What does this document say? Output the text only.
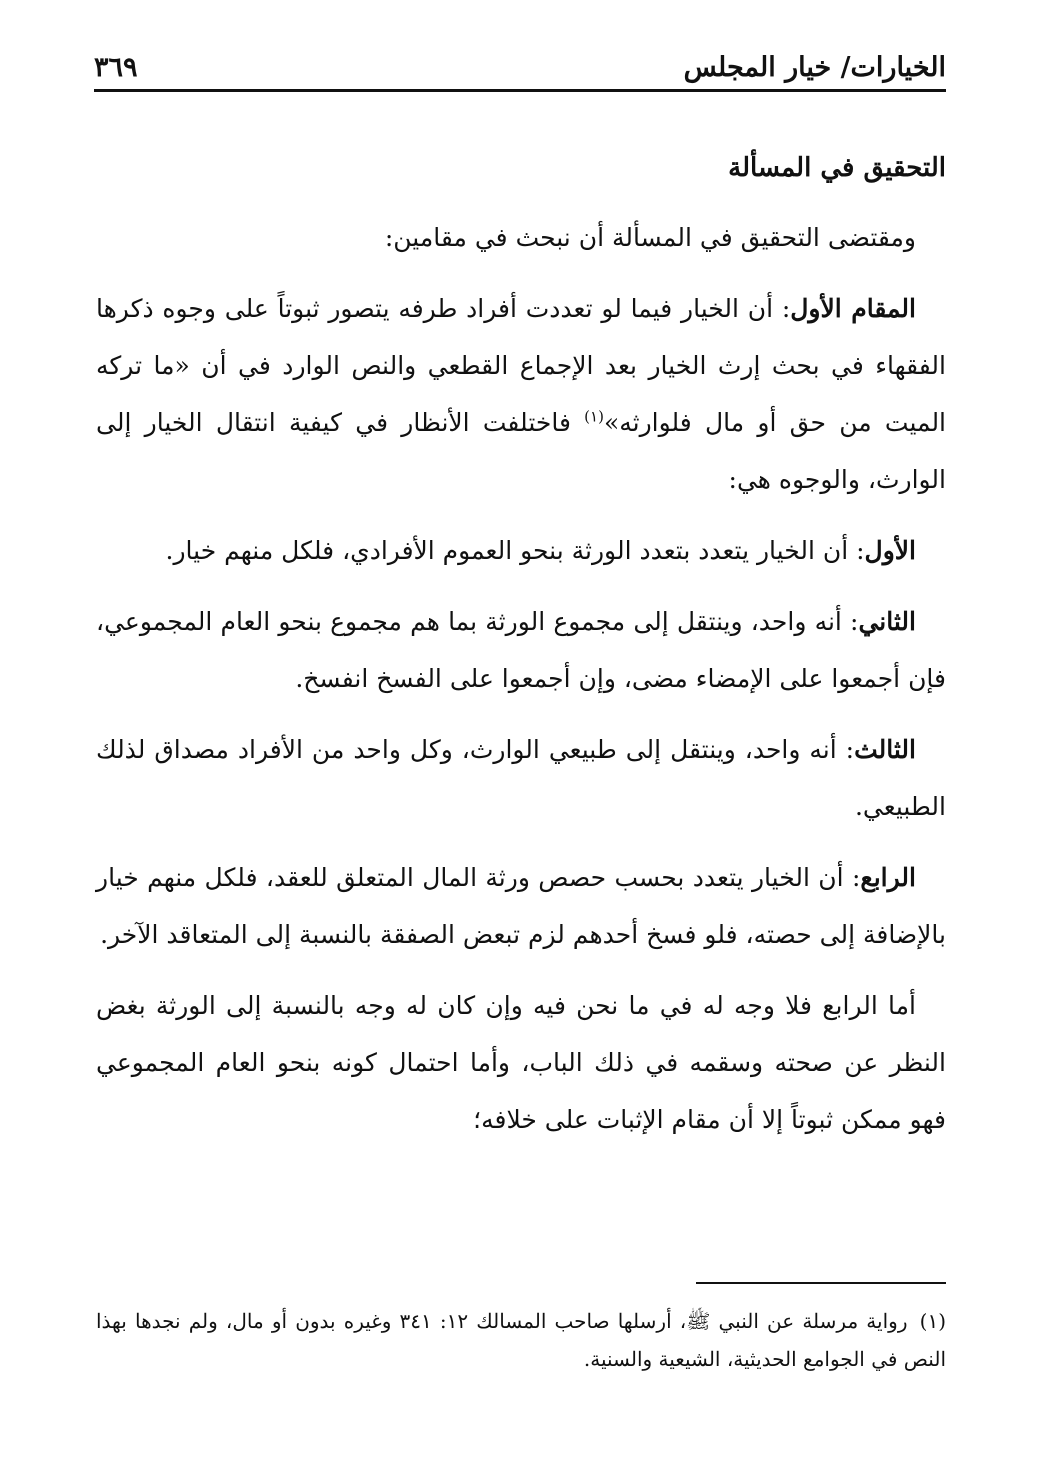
الخيارات/ خيار المجلس
٣٦٩
التحقيق في المسألة

ومقتضى التحقيق في المسألة أن نبحث في مقامين:

المقام الأول: أن الخيار فيما لو تعددت أفراد طرفه يتصور ثبوتاً على وجوه ذكرها الفقهاء في بحث إرث الخيار بعد الإجماع القطعي والنص الوارد في أن «ما تركه الميت من حق أو مال فلوارثه»$^{(١)}$ فاختلفت الأنظار في كيفية انتقال الخيار إلى الوارث، والوجوه هي:

الأول: أن الخيار يتعدد بتعدد الورثة بنحو العموم الأفرادي، فلكل منهم خيار.

الثاني: أنه واحد، وينتقل إلى مجموع الورثة بما هم مجموع بنحو العام المجموعي، فإن أجمعوا على الإمضاء مضى، وإن أجمعوا على الفسخ انفسخ.

الثالث: أنه واحد، وينتقل إلى طبيعي الوارث، وكل واحد من الأفراد مصداق لذلك الطبيعي.

الرابع: أن الخيار يتعدد بحسب حصص ورثة المال المتعلق للعقد، فلكل منهم خيار بالإضافة إلى حصته، فلو فسخ أحدهم لزم تبعض الصفقة بالنسبة إلى المتعاقد الآخر.

أما الرابع فلا وجه له في ما نحن فيه وإن كان له وجه بالنسبة إلى الورثة بغض النظر عن صحته وسقمه في ذلك الباب، وأما احتمال كونه بنحو العام المجموعي فهو ممكن ثبوتاً إلا أن مقام الإثبات على خلافه؛

(١) رواية مرسلة عن النبي ﷺ، أرسلها صاحب المسالك ١٢: ٣٤١ وغيره بدون أو مال، ولم نجدها بهذا النص في الجوامع الحديثية، الشيعية والسنية.
